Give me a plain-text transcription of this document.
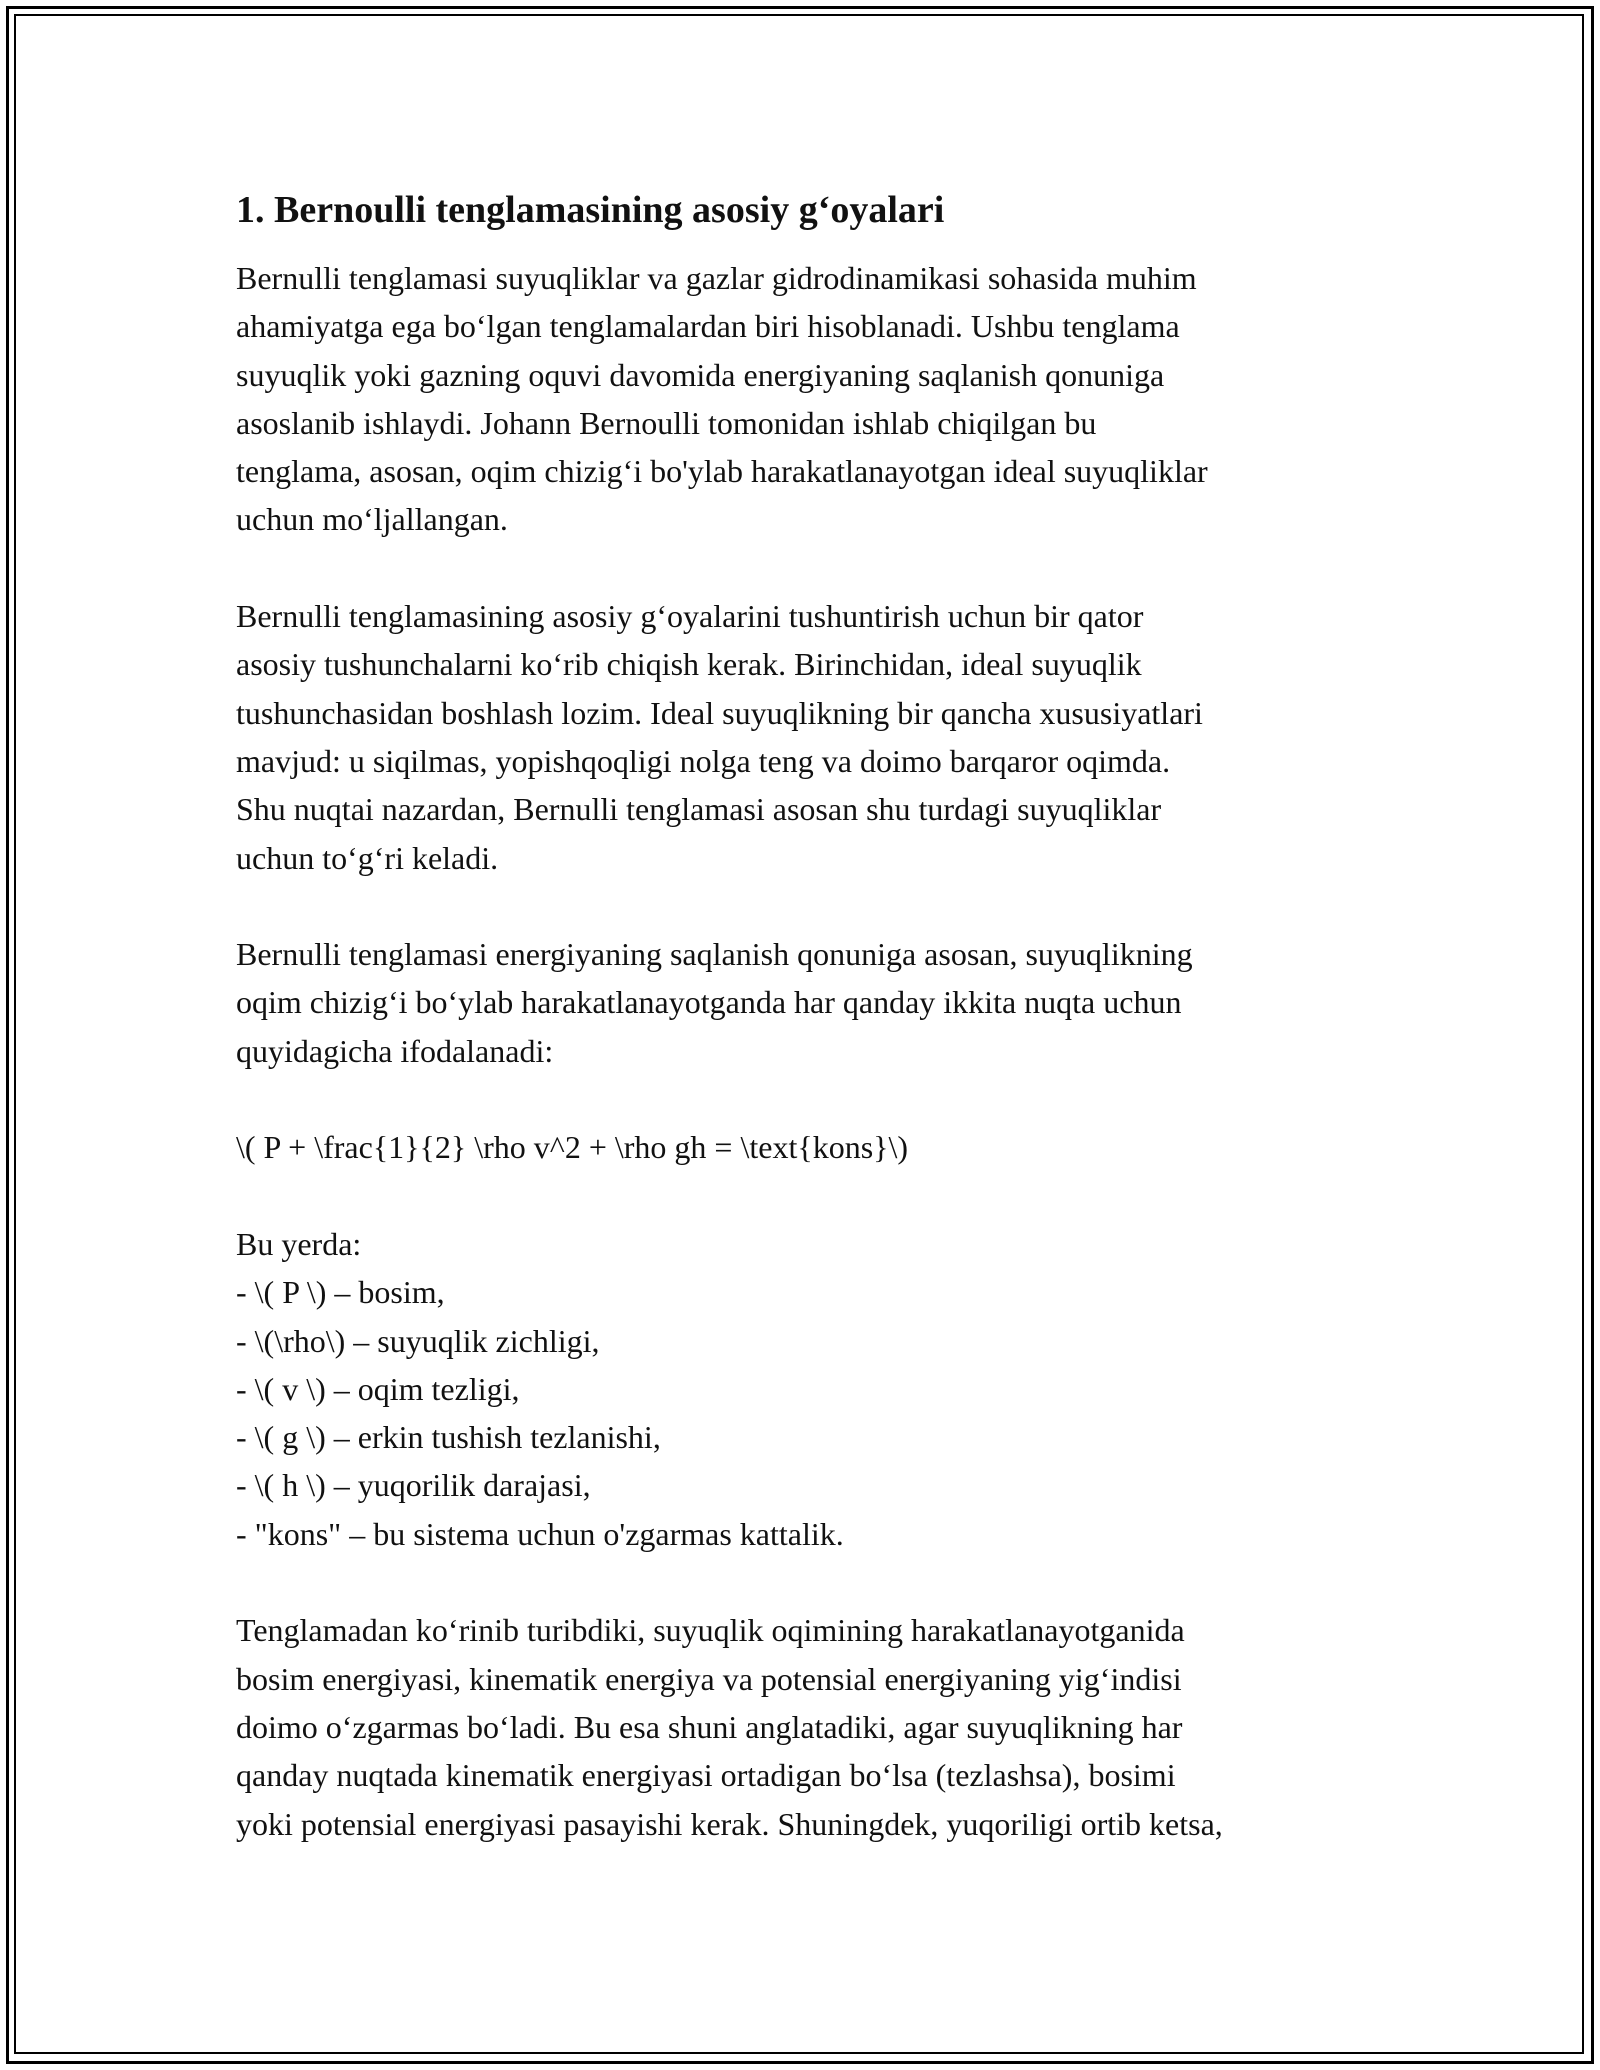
1. Bernoulli tenglamasining asosiy g‘oyalari

Bernulli tenglamasi suyuqliklar va gazlar gidrodinamikasi sohasida muhim
ahamiyatga ega bo‘lgan tenglamalardan biri hisoblanadi. Ushbu tenglama
suyuqlik yoki gazning oquvi davomida energiyaning saqlanish qonuniga
asoslanib ishlaydi. Johann Bernoulli tomonidan ishlab chiqilgan bu
tenglama, asosan, oqim chizig‘i bo'ylab harakatlanayotgan ideal suyuqliklar
uchun mo‘ljallangan.

Bernulli tenglamasining asosiy g‘oyalarini tushuntirish uchun bir qator
asosiy tushunchalarni ko‘rib chiqish kerak. Birinchidan, ideal suyuqlik
tushunchasidan boshlash lozim. Ideal suyuqlikning bir qancha xususiyatlari
mavjud: u siqilmas, yopishqoqligi nolga teng va doimo barqaror oqimda.
Shu nuqtai nazardan, Bernulli tenglamasi asosan shu turdagi suyuqliklar
uchun to‘g‘ri keladi.

Bernulli tenglamasi energiyaning saqlanish qonuniga asosan, suyuqlikning
oqim chizig‘i bo‘ylab harakatlanayotganda har qanday ikkita nuqta uchun
quyidagicha ifodalanadi:

\( P + \frac{1}{2} \rho v^2 + \rho gh = \text{kons}\)

Bu yerda:
- \( P \) – bosim,
- \(\rho\) – suyuqlik zichligi,
- \( v \) – oqim tezligi,
- \( g \) – erkin tushish tezlanishi,
- \( h \) – yuqorilik darajasi,
- "kons" – bu sistema uchun o'zgarmas kattalik.

Tenglamadan ko‘rinib turibdiki, suyuqlik oqimining harakatlanayotganida
bosim energiyasi, kinematik energiya va potensial energiyaning yig‘indisi
doimo o‘zgarmas bo‘ladi. Bu esa shuni anglatadiki, agar suyuqlikning har
qanday nuqtada kinematik energiyasi ortadigan bo‘lsa (tezlashsa), bosimi
yoki potensial energiyasi pasayishi kerak. Shuningdek, yuqoriligi ortib ketsa,
